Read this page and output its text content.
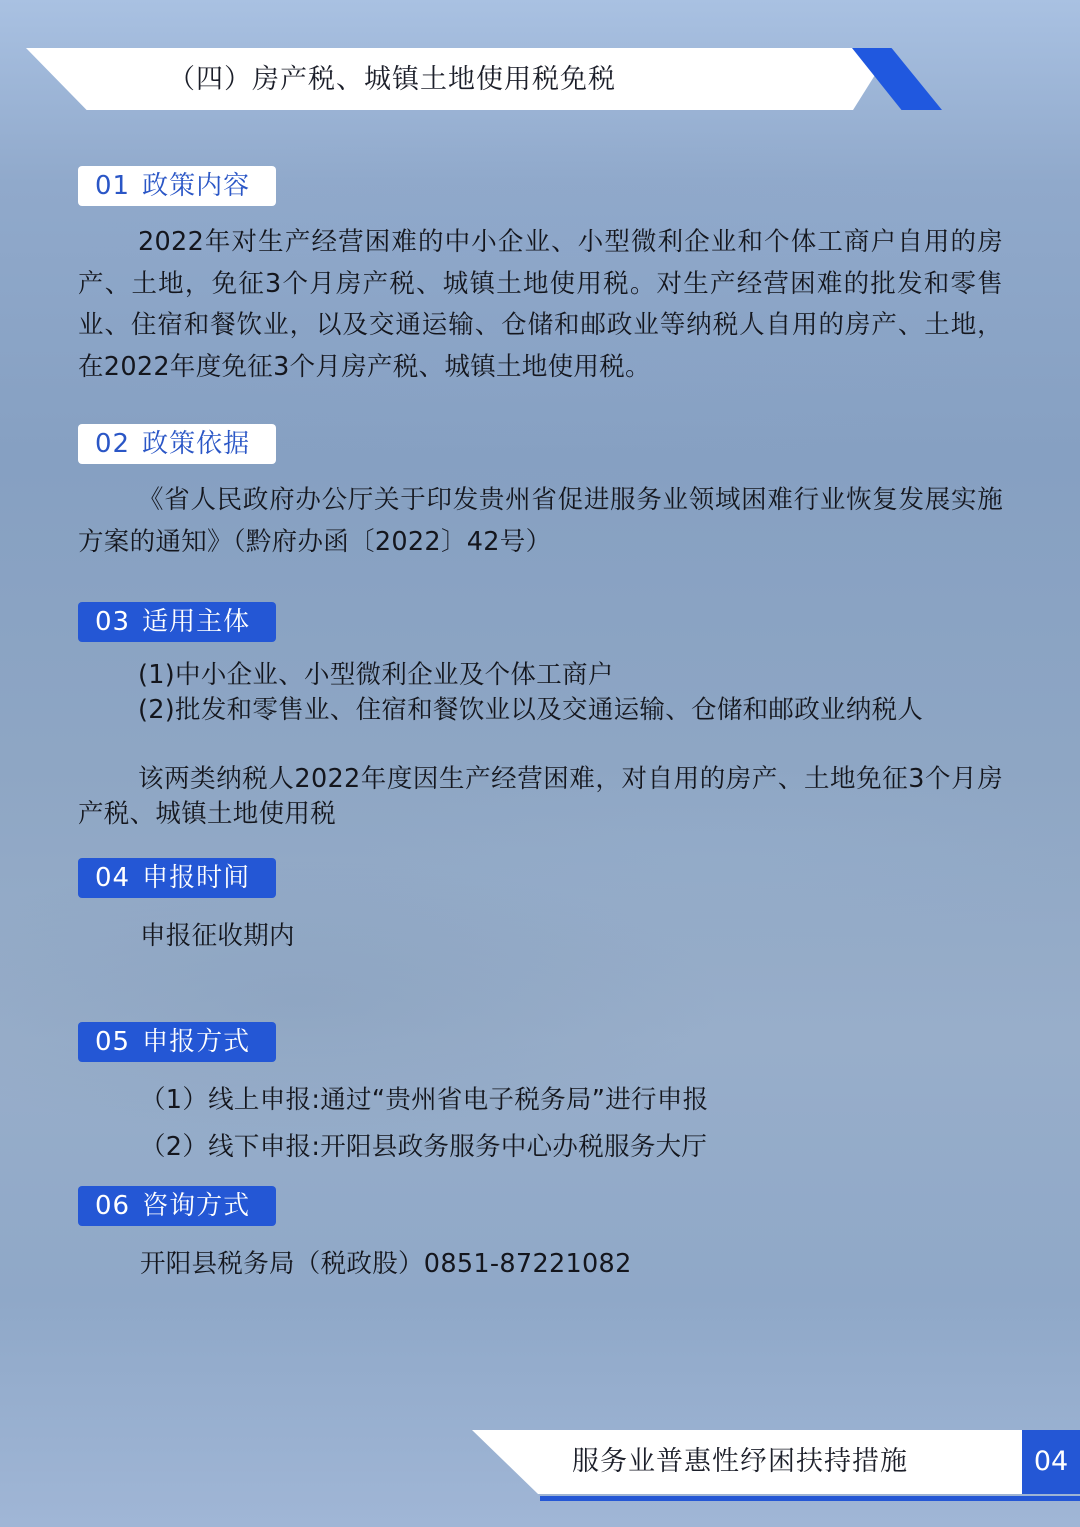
（四）房产税、城镇土地使用税免税
01 政策内容

2022年对生产经营困难的中小企业、小型微利企业和个体工商户自用的房产、土地，免征3个月房产税、城镇土地使用税。对生产经营困难的批发和零售业、住宿和餐饮业，以及交通运输、仓储和邮政业等纳税人自用的房产、土地，在2022年度免征3个月房产税、城镇土地使用税。

02 政策依据

《省人民政府办公厅关于印发贵州省促进服务业领域困难行业恢复发展实施方案的通知》（黔府办函〔2022〕42号）

03 适用主体

(1)中小企业、小型微利企业及个体工商户

(2)批发和零售业、住宿和餐饮业以及交通运输、仓储和邮政业纳税人

该两类纳税人2022年度因生产经营困难，对自用的房产、土地免征3个月房产税、城镇土地使用税

04 申报时间
申报征收期内
05 申报方式
（1）线上申报:通过“贵州省电子税务局”进行申报
（2）线下申报:开阳县政务服务中心办税服务大厅
06 咨询方式
开阳县税务局（税政股）0851-87221082
服务业普惠性纾困扶持措施	04
